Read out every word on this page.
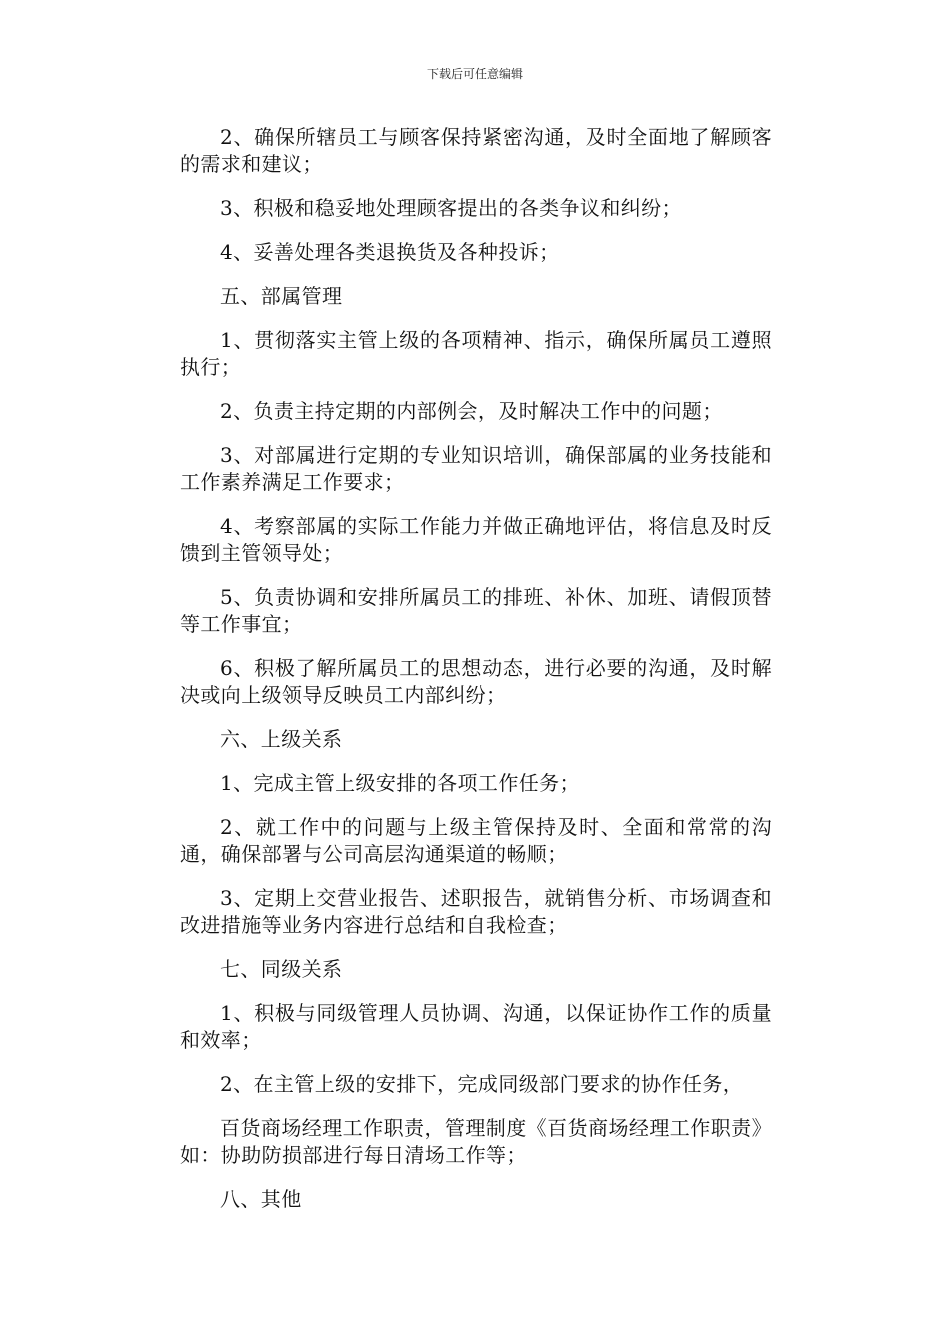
下载后可任意编辑

2、确保所辖员工与顾客保持紧密沟通，及时全面地了解顾客的需求和建议；

3、积极和稳妥地处理顾客提出的各类争议和纠纷；

4、妥善处理各类退换货及各种投诉；

五、部属管理

1、贯彻落实主管上级的各项精神、指示，确保所属员工遵照执行；

2、负责主持定期的内部例会，及时解决工作中的问题；

3、对部属进行定期的专业知识培训，确保部属的业务技能和工作素养满足工作要求；

4、考察部属的实际工作能力并做正确地评估，将信息及时反馈到主管领导处；

5、负责协调和安排所属员工的排班、补休、加班、请假顶替等工作事宜；

6、积极了解所属员工的思想动态，进行必要的沟通，及时解决或向上级领导反映员工内部纠纷；

六、上级关系

1、完成主管上级安排的各项工作任务；

2、就工作中的问题与上级主管保持及时、全面和常常的沟通，确保部署与公司高层沟通渠道的畅顺；

3、定期上交营业报告、述职报告，就销售分析、市场调查和改进措施等业务内容进行总结和自我检查；

七、同级关系

1、积极与同级管理人员协调、沟通，以保证协作工作的质量和效率；

2、在主管上级的安排下，完成同级部门要求的协作任务，

百货商场经理工作职责，管理制度《百货商场经理工作职责》如：协助防损部进行每日清场工作等；

八、其他
